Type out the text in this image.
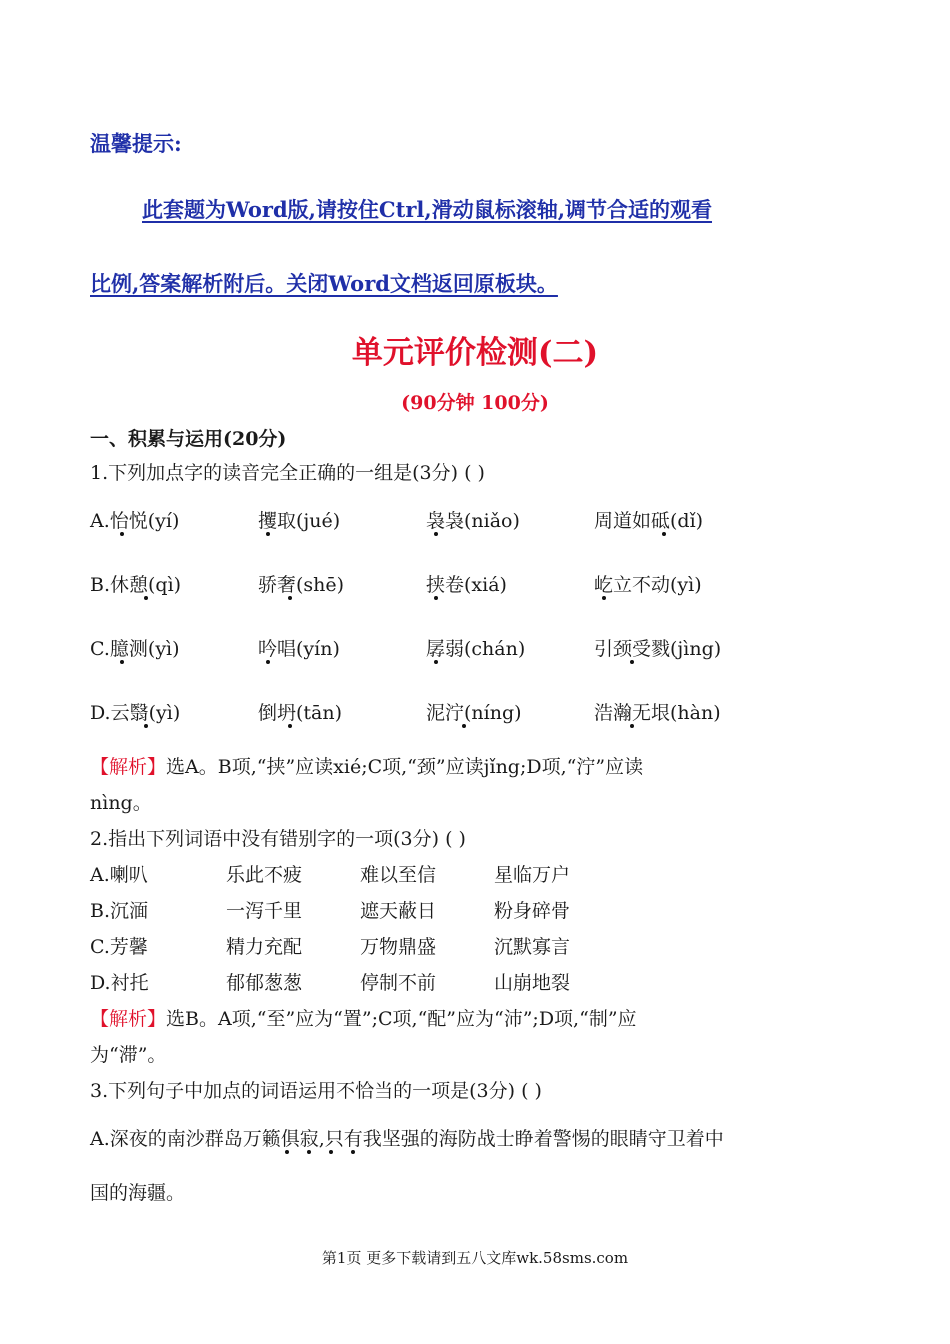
温馨提示:
此套题为Word版,请按住Ctrl,滑动鼠标滚轴,调节合适的观看
比例,答案解析附后。关闭Word文档返回原板块。
单元评价检测(二)
(90分钟 100分)
一、积累与运用(20分)
1.下列加点字的读音完全正确的一组是(3分) ( )
A.怡悦(yí)	攫取(jué)	袅袅(niǎo)	周道如砥(dǐ)
B.休憩(qì)	骄奢(shē)	挟卷(xiá)	屹立不动(yì)
C.臆测(yì)	吟唱(yín)	孱弱(chán)	引颈受戮(jìng)
D.云翳(yì)	倒坍(tān)	泥泞(níng)	浩瀚无垠(hàn)
【解析】选A。B项,“挟”应读xié;C项,“颈”应读jǐng;D项,“泞”应读
nìng。
2.指出下列词语中没有错别字的一项(3分) ( )
A.喇叭	乐此不疲	难以至信	星临万户
B.沉湎	一泻千里	遮天蔽日	粉身碎骨
C.芳馨	精力充配	万物鼎盛	沉默寡言
D.衬托	郁郁葱葱	停制不前	山崩地裂
【解析】选B。A项,“至”应为“置”;C项,“配”应为“沛”;D项,“制”应
为“滞”。
3.下列句子中加点的词语运用不恰当的一项是(3分) ( )
A.深夜的南沙群岛万籁俱寂,只有我坚强的海防战士睁着警惕的眼睛守卫着中
国的海疆。
第1页 更多下载请到五八文库wk.58sms.com
